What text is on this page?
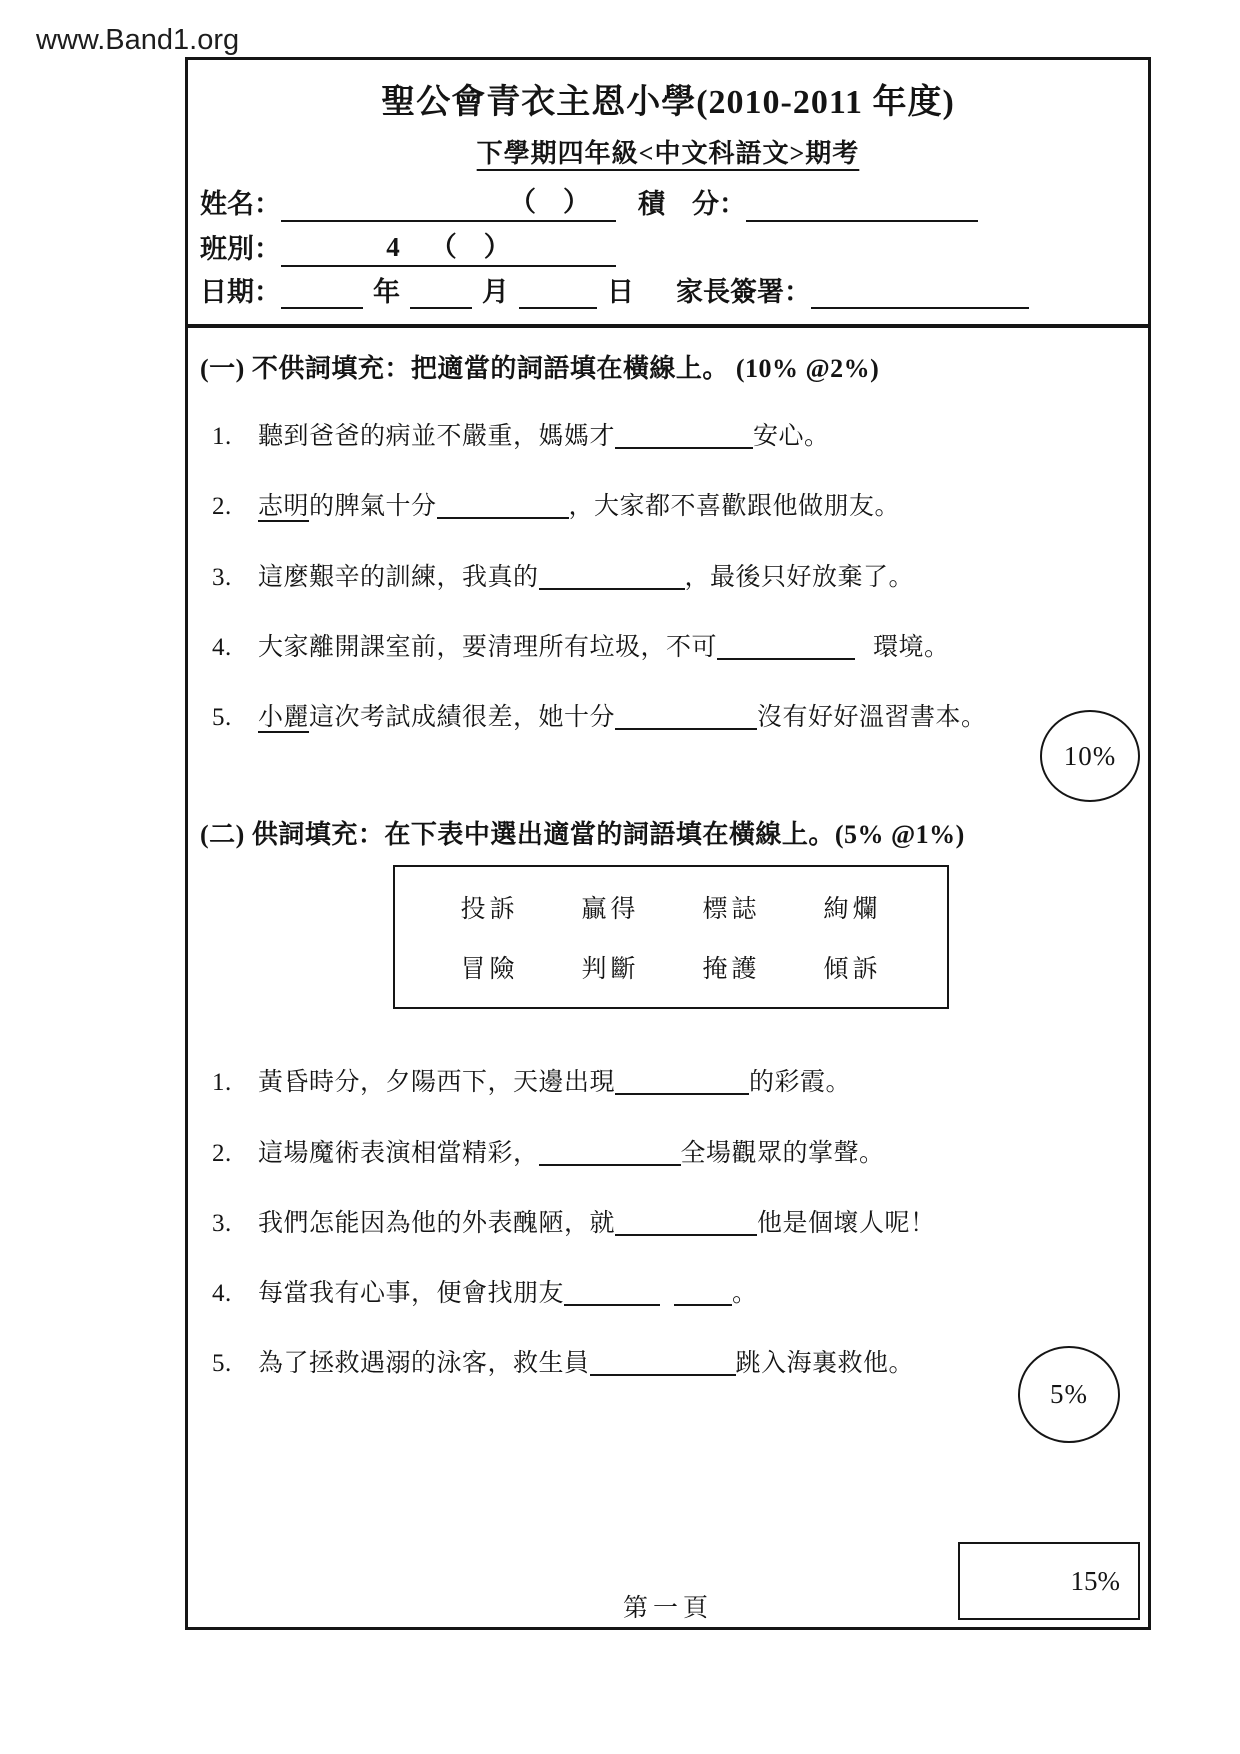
www.Band1.org
聖公會青衣主恩小學(2010-2011 年度)
下學期四年級<中文科語文>期考
姓名：	（　） 積　分：
班別：	4 （　）
日期：	年	月	日 家長簽署：
(一) 不供詞填充：把適當的詞語填在橫線上。 (10% @2%)
1.	聽到爸爸的病並不嚴重，媽媽才	安心。
2.	志明的脾氣十分	，大家都不喜歡跟他做朋友。
3.	這麼艱辛的訓練，我真的	，最後只好放棄了。
4.	大家離開課室前，要清理所有垃圾，不可	環境。
5.	小麗這次考試成績很差，她十分	沒有好好溫習書本。
(二) 供詞填充：在下表中選出適當的詞語填在橫線上。(5% @1%)
投訴	贏得	標誌	絢爛
冒險	判斷	掩護	傾訴
1.	黃昏時分，夕陽西下，天邊出現	的彩霞。
2.	這場魔術表演相當精彩，	全場觀眾的掌聲。
3.	我們怎能因為他的外表醜陋，就	他是個壞人呢！
4.	每當我有心事，便會找朋友	。
5.	為了拯救遇溺的泳客，救生員	跳入海裏救他。
10%
5%
15%
第一頁
